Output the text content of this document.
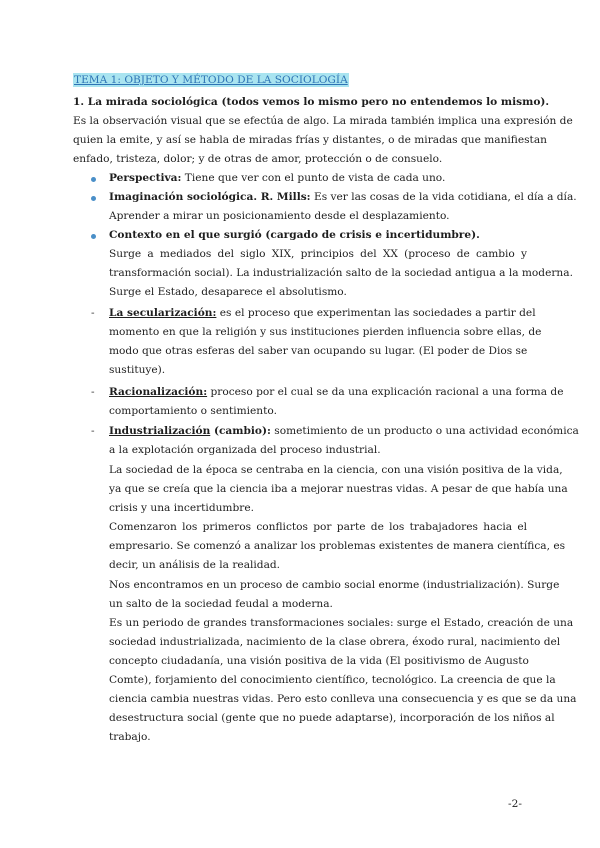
TEMA 1: OBJETO Y MÉTODO DE LA SOCIOLOGÍA
1. La mirada sociológica (todos vemos lo mismo pero no entendemos lo mismo).
Es la observación visual que se efectúa de algo. La mirada también implica una expresión de
quien la emite, y así se habla de miradas frías y distantes, o de miradas que manifiestan
enfado, tristeza, dolor; y de otras de amor, protección o de consuelo.
Perspectiva: Tiene que ver con el punto de vista de cada uno.
Imaginación sociológica. R. Mills: Es ver las cosas de la vida cotidiana, el día a día.
Aprender a mirar un posicionamiento desde el desplazamiento.
Contexto en el que surgió (cargado de crisis e incertidumbre).
Surge a mediados del siglo XIX, principios del XX (proceso de cambio y
transformación social). La industrialización salto de la sociedad antigua a la moderna.
Surge el Estado, desaparece el absolutismo.
- La secularización: es el proceso que experimentan las sociedades a partir del
momento en que la religión y sus instituciones pierden influencia sobre ellas, de
modo que otras esferas del saber van ocupando su lugar. (El poder de Dios se
sustituye).
- Racionalización: proceso por el cual se da una explicación racional a una forma de
comportamiento o sentimiento.
- Industrialización (cambio): sometimiento de un producto o una actividad económica
a la explotación organizada del proceso industrial.
La sociedad de la época se centraba en la ciencia, con una visión positiva de la vida,
ya que se creía que la ciencia iba a mejorar nuestras vidas. A pesar de que había una
crisis y una incertidumbre.
Comenzaron los primeros conflictos por parte de los trabajadores hacia el
empresario. Se comenzó a analizar los problemas existentes de manera científica, es
decir, un análisis de la realidad.
Nos encontramos en un proceso de cambio social enorme (industrialización). Surge
un salto de la sociedad feudal a moderna.
Es un periodo de grandes transformaciones sociales: surge el Estado, creación de una
sociedad industrializada, nacimiento de la clase obrera, éxodo rural, nacimiento del
concepto ciudadanía, una visión positiva de la vida (El positivismo de Augusto
Comte), forjamiento del conocimiento científico, tecnológico. La creencia de que la
ciencia cambia nuestras vidas. Pero esto conlleva una consecuencia y es que se da una
desestructura social (gente que no puede adaptarse), incorporación de los niños al
trabajo.
-2-
